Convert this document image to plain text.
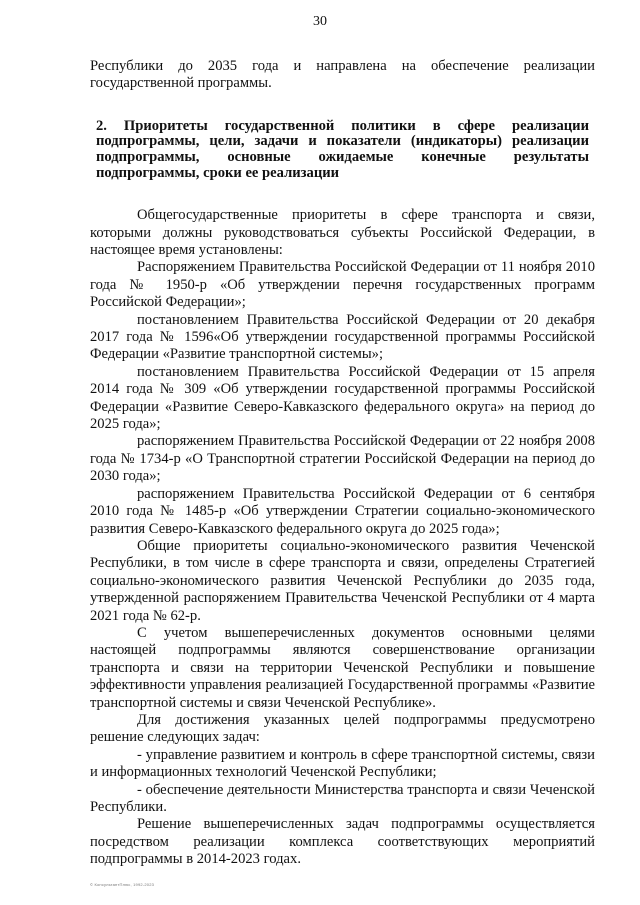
30

Республики до 2035 года и направлена на обеспечение реализации государственной программы.

2. Приоритеты государственной политики в сфере реализации подпрограммы, цели, задачи и показатели (индикаторы) реализации подпрограммы, основные ожидаемые конечные результаты подпрограммы, сроки ее реализации

Общегосударственные приоритеты в сфере транспорта и связи, которыми должны руководствоваться субъекты Российской Федерации, в настоящее время установлены:

Распоряжением Правительства Российской Федерации от 11 ноября 2010 года № 1950-р «Об утверждении перечня государственных программ Российской Федерации»;

постановлением Правительства Российской Федерации от 20 декабря 2017 года № 1596«Об утверждении государственной программы Российской Федерации «Развитие транспортной системы»;

постановлением Правительства Российской Федерации от 15 апреля 2014 года № 309 «Об утверждении государственной программы Российской Федерации «Развитие Северо-Кавказского федерального округа» на период до 2025 года»;

распоряжением Правительства Российской Федерации от 22 ноября 2008 года № 1734-р «О Транспортной стратегии Российской Федерации на период до 2030 года»;

распоряжением Правительства Российской Федерации от 6 сентября 2010 года № 1485-р «Об утверждении Стратегии социально-экономического развития Северо-Кавказского федерального округа до 2025 года»;

Общие приоритеты социально-экономического развития Чеченской Республики, в том числе в сфере транспорта и связи, определены Стратегией социально-экономического развития Чеченской Республики до 2035 года, утвержденной распоряжением Правительства Чеченской Республики от 4 марта 2021 года № 62-р.

С учетом вышеперечисленных документов основными целями настоящей подпрограммы являются совершенствование организации транспорта и связи на территории Чеченской Республики и повышение эффективности управления реализацией Государственной программы «Развитие транспортной системы и связи Чеченской Республике».

Для достижения указанных целей подпрограммы предусмотрено решение следующих задач:

- управление развитием и контроль в сфере транспортной системы, связи и информационных технологий Чеченской Республики;

- обеспечение деятельности Министерства транспорта и связи Чеченской Республики.

Решение вышеперечисленных задач подпрограммы осуществляется посредством реализации комплекса соответствующих мероприятий подпрограммы в 2014-2023 годах.

© КонсультантПлюс, 1992-2023
